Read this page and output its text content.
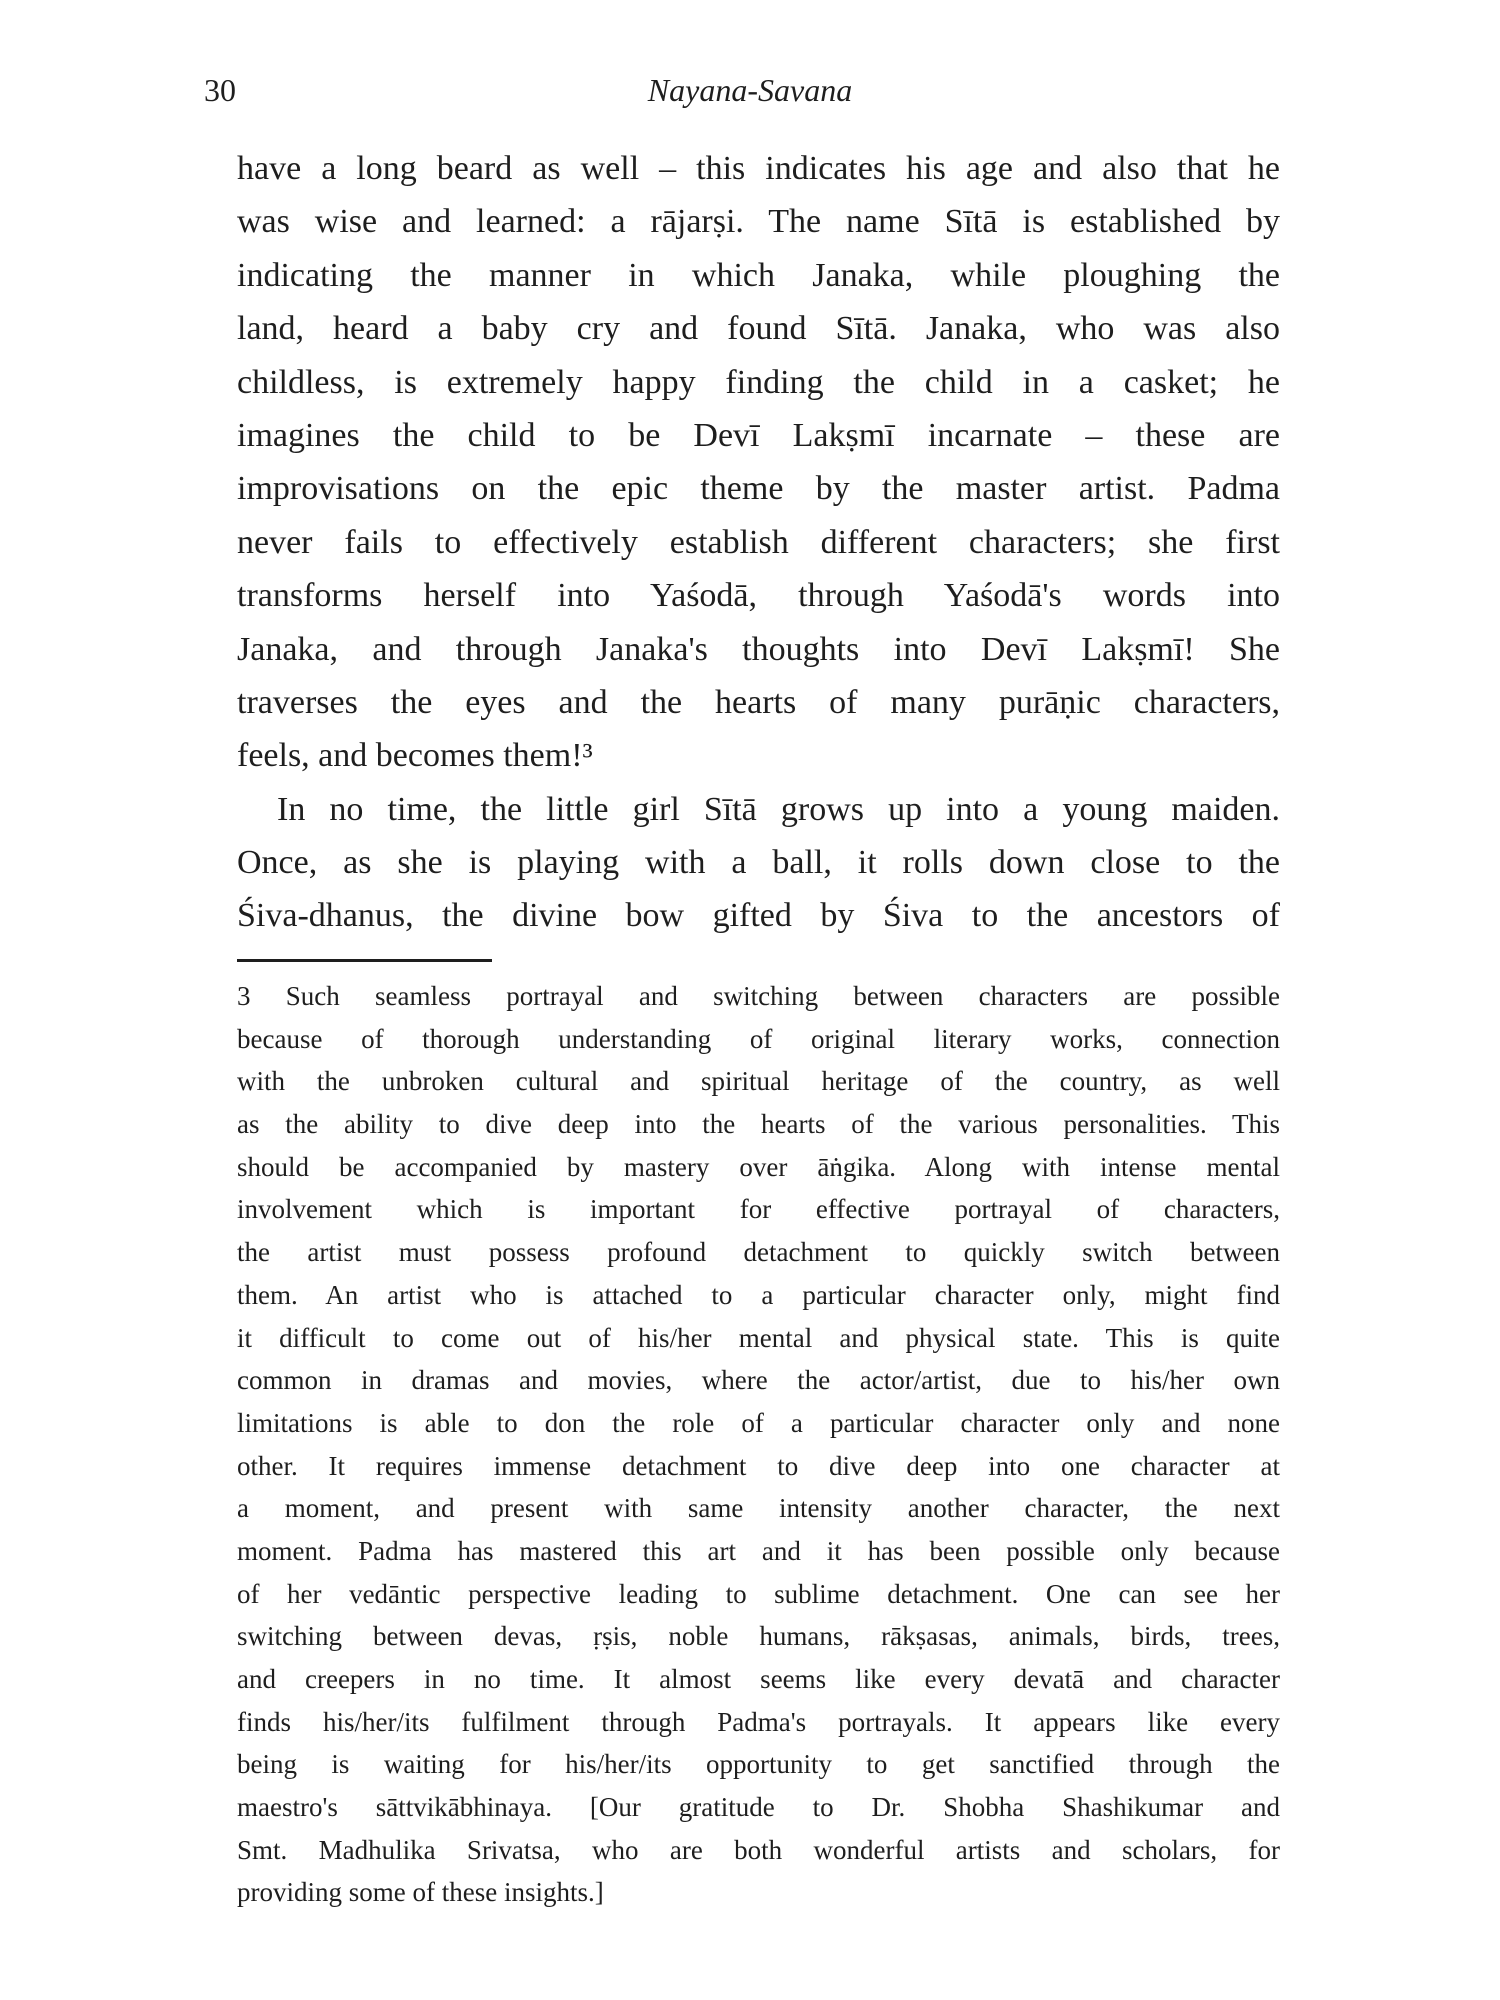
30	Nayana-Savana
have a long beard as well – this indicates his age and also that he
was wise and learned: a rājarṣi. The name Sītā is established by
indicating the manner in which Janaka, while ploughing the
land, heard a baby cry and found Sītā. Janaka, who was also
childless, is extremely happy finding the child in a casket; he
imagines the child to be Devī Lakṣmī incarnate – these are
improvisations on the epic theme by the master artist. Padma
never fails to effectively establish different characters; she first
transforms herself into Yaśodā, through Yaśodā's words into
Janaka, and through Janaka's thoughts into Devī Lakṣmī! She
traverses the eyes and the hearts of many purāṇic characters,
feels, and becomes them!³
In no time, the little girl Sītā grows up into a young maiden.
Once, as she is playing with a ball, it rolls down close to the
Śiva-dhanus, the divine bow gifted by Śiva to the ancestors of
3 Such seamless portrayal and switching between characters are possible
because of thorough understanding of original literary works, connection
with the unbroken cultural and spiritual heritage of the country, as well
as the ability to dive deep into the hearts of the various personalities. This
should be accompanied by mastery over āṅgika. Along with intense mental
involvement which is important for effective portrayal of characters,
the artist must possess profound detachment to quickly switch between
them. An artist who is attached to a particular character only, might find
it difficult to come out of his/her mental and physical state. This is quite
common in dramas and movies, where the actor/artist, due to his/her own
limitations is able to don the role of a particular character only and none
other. It requires immense detachment to dive deep into one character at
a moment, and present with same intensity another character, the next
moment. Padma has mastered this art and it has been possible only because
of her vedāntic perspective leading to sublime detachment. One can see her
switching between devas, ṛṣis, noble humans, rākṣasas, animals, birds, trees,
and creepers in no time. It almost seems like every devatā and character
finds his/her/its fulfilment through Padma's portrayals. It appears like every
being is waiting for his/her/its opportunity to get sanctified through the
maestro's sāttvikābhinaya. [Our gratitude to Dr. Shobha Shashikumar and
Smt. Madhulika Srivatsa, who are both wonderful artists and scholars, for
providing some of these insights.]
